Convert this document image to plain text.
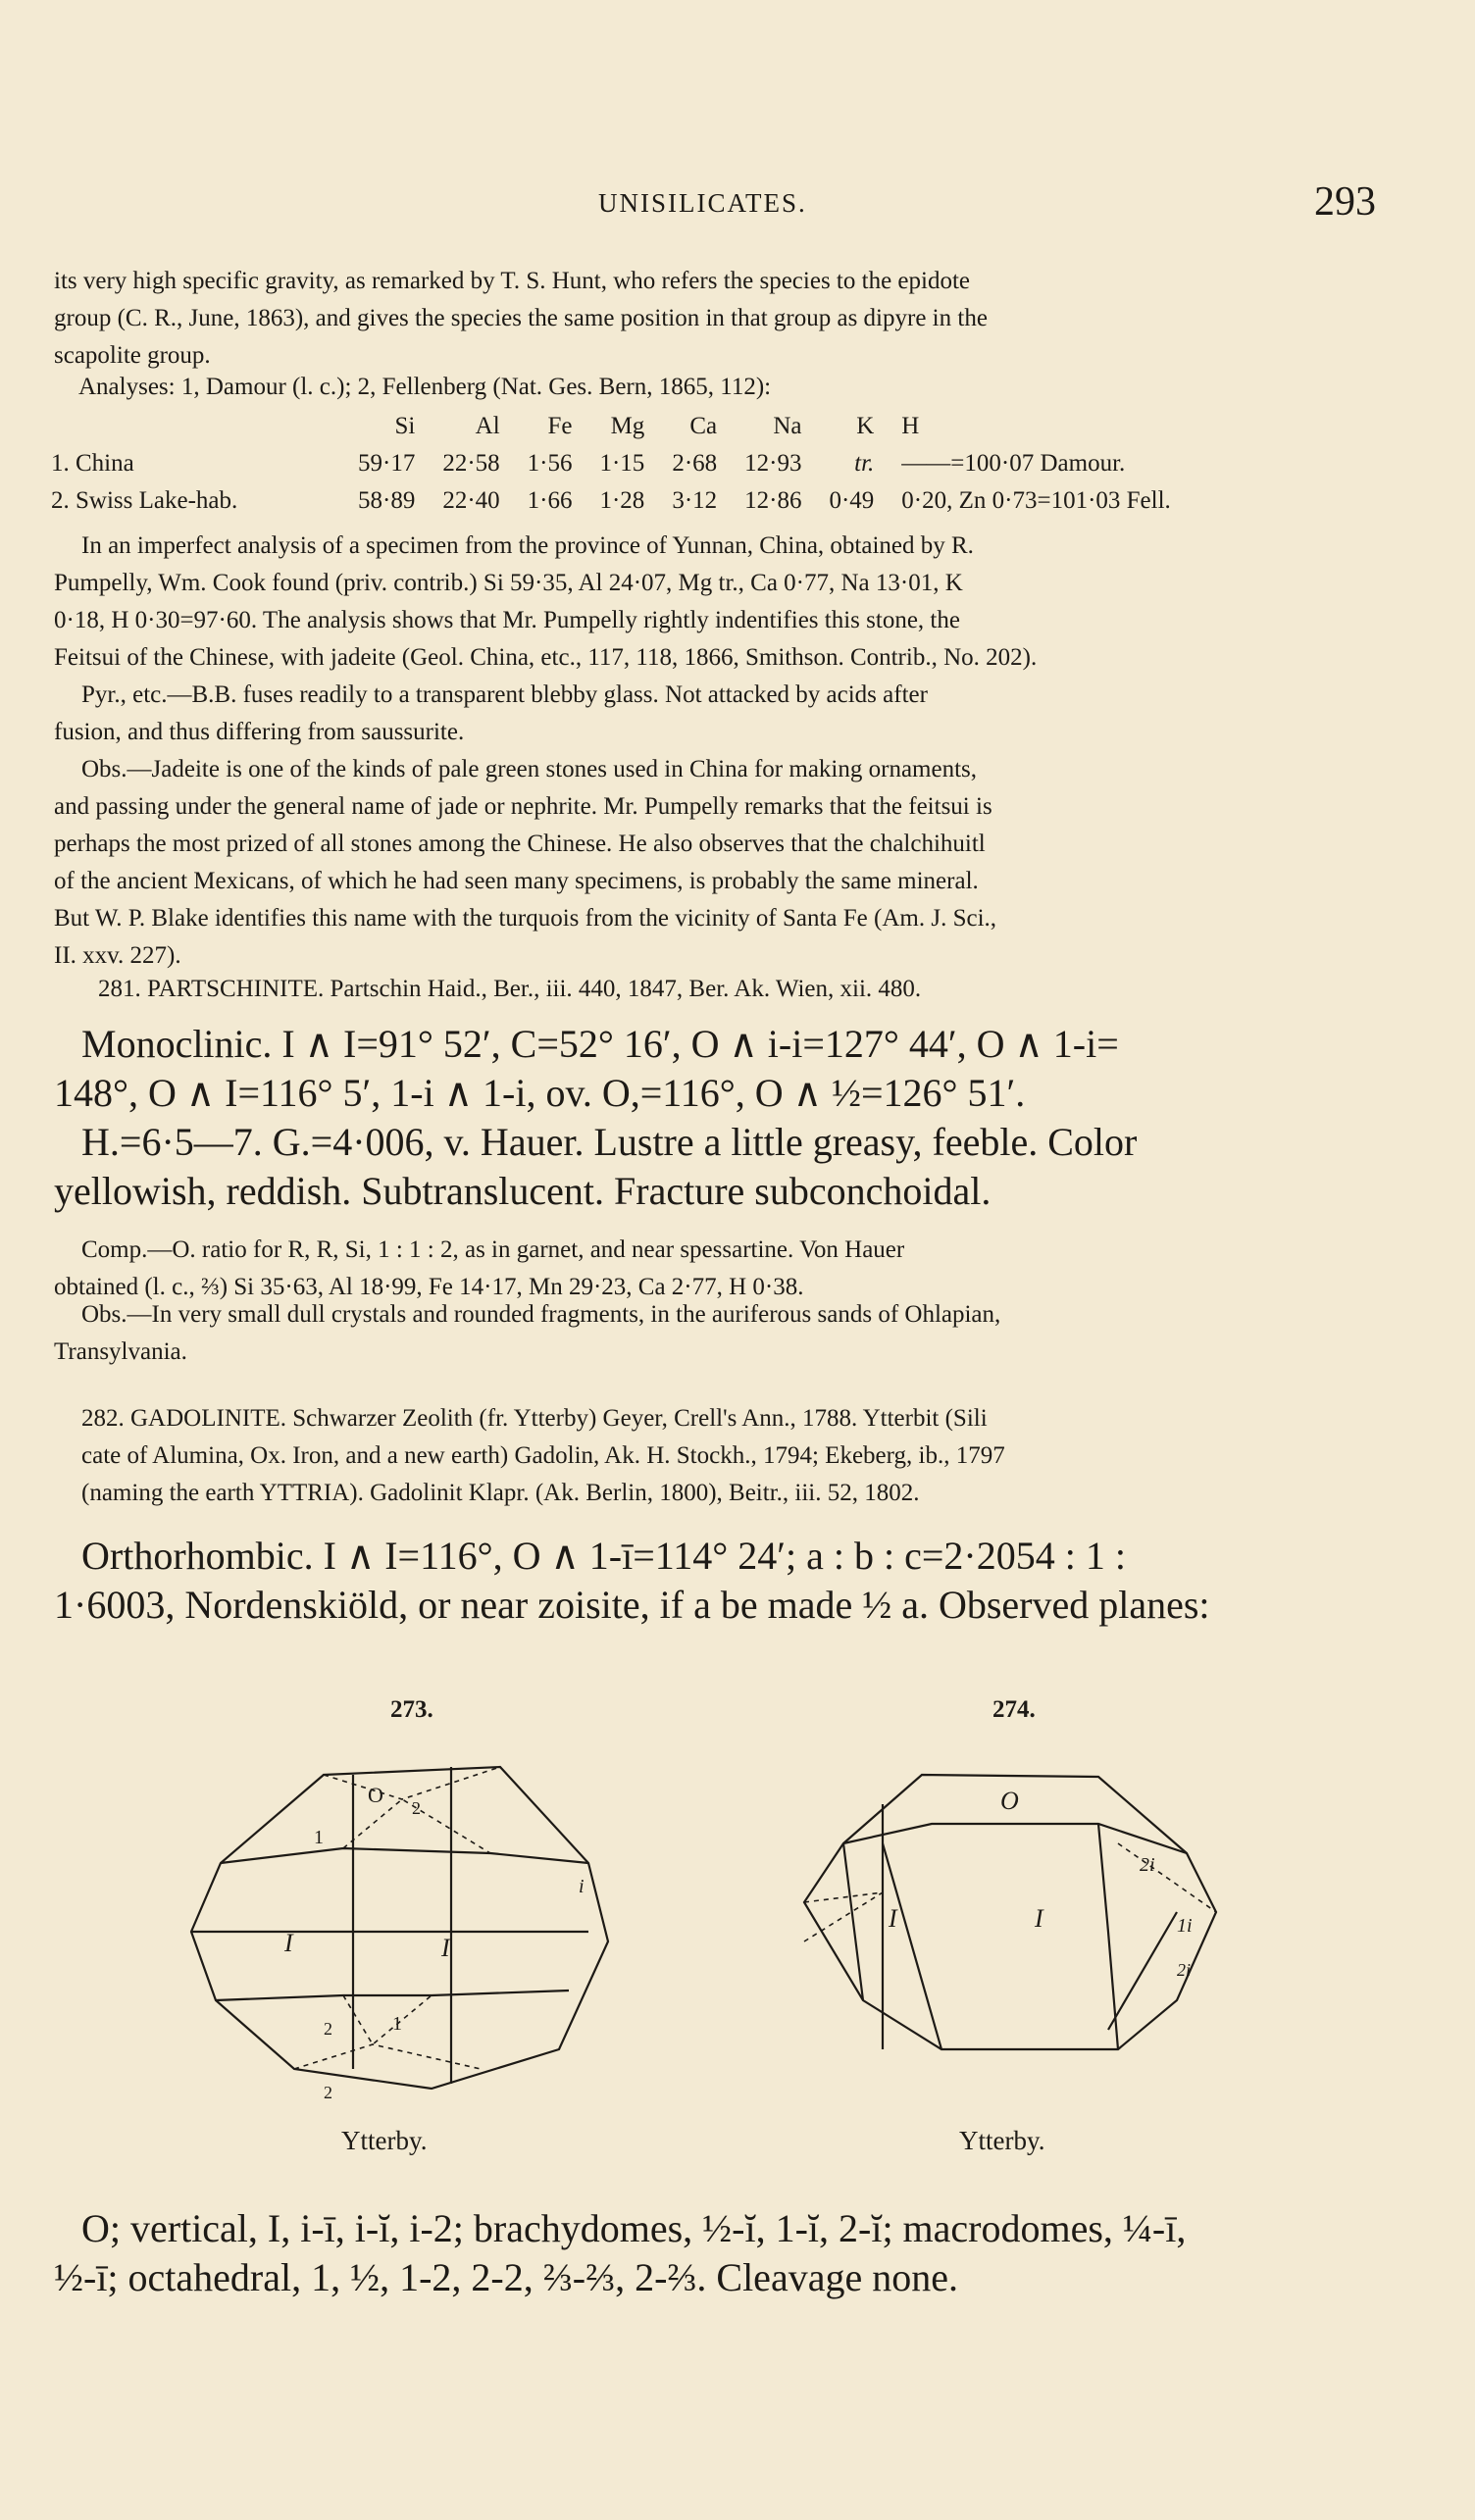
UNISILICATES.	293
its very high specific gravity, as remarked by T. S. Hunt, who refers the species to the epidote
group (C. R., June, 1863), and gives the species the same position in that group as dipyre in the
scapolite group.
Analyses: 1, Damour (l. c.); 2, Fellenberg (Nat. Ges. Bern, 1865, 112):
	Si	Al	Fe	Mg	Ca	Na	K	H
1. China	59·17	22·58	1·56	1·15	2·68	12·93	tr.	——=100·07 Damour.
2. Swiss Lake-hab.	58·89	22·40	1·66	1·28	3·12	12·86	0·49	0·20, Zn 0·73=101·03 Fell.
In an imperfect analysis of a specimen from the province of Yunnan, China, obtained by R.
Pumpelly, Wm. Cook found (priv. contrib.) Si 59·35, Al 24·07, Mg tr., Ca 0·77, Na 13·01, K
0·18, H 0·30=97·60. The analysis shows that Mr. Pumpelly rightly indentifies this stone, the
Feitsui of the Chinese, with jadeite (Geol. China, etc., 117, 118, 1866, Smithson. Contrib., No. 202).
Pyr., etc.—B.B. fuses readily to a transparent blebby glass. Not attacked by acids after
fusion, and thus differing from saussurite.
Obs.—Jadeite is one of the kinds of pale green stones used in China for making ornaments,
and passing under the general name of jade or nephrite. Mr. Pumpelly remarks that the feitsui is
perhaps the most prized of all stones among the Chinese. He also observes that the chalchihuitl
of the ancient Mexicans, of which he had seen many specimens, is probably the same mineral.
But W. P. Blake identifies this name with the turquois from the vicinity of Santa Fe (Am. J. Sci.,
II. xxv. 227).
281. PARTSCHINITE. Partschin Haid., Ber., iii. 440, 1847, Ber. Ak. Wien, xii. 480.
Monoclinic. I ∧ I=91° 52′, C=52° 16′, O ∧ i-i=127° 44′, O ∧ 1-i=
148°, O ∧ I=116° 5′, 1-i ∧ 1-i, ov. O,=116°, O ∧ ½=126° 51′.
H.=6·5—7. G.=4·006, v. Hauer. Lustre a little greasy, feeble. Color
yellowish, reddish. Subtranslucent. Fracture subconchoidal.
Comp.—O. ratio for R, R, Si, 1 : 1 : 2, as in garnet, and near spessartine. Von Hauer
obtained (l. c., ⅔) Si 35·63, Al 18·99, Fe 14·17, Mn 29·23, Ca 2·77, H 0·38.
Obs.—In very small dull crystals and rounded fragments, in the auriferous sands of Ohlapian,
Transylvania.
282. GADOLINITE. Schwarzer Zeolith (fr. Ytterby) Geyer, Crell's Ann., 1788. Ytterbit (Sili
cate of Alumina, Ox. Iron, and a new earth) Gadolin, Ak. H. Stockh., 1794; Ekeberg, ib., 1797
(naming the earth YTTRIA). Gadolinit Klapr. (Ak. Berlin, 1800), Beitr., iii. 52, 1802.
Orthorhombic. I ∧ I=116°, O ∧ 1-ī=114° 24′; a : b : c=2·2054 : 1 :
1·6003, Nordenskiöld, or near zoisite, if a be made ½ a. Observed planes:
273.
O
2
1
I	I
i
1
2
2
Ytterby.
274.
O
2i
1i
I	I
2i
Ytterby.
O; vertical, I, i-ī, i-ĭ, i-2; brachydomes, ½-ĭ, 1-ĭ, 2-ĭ; macrodomes, ¼-ī,
½-ī; octahedral, 1, ½, 1-2, 2-2, ⅔-⅔, 2-⅔. Cleavage none.
